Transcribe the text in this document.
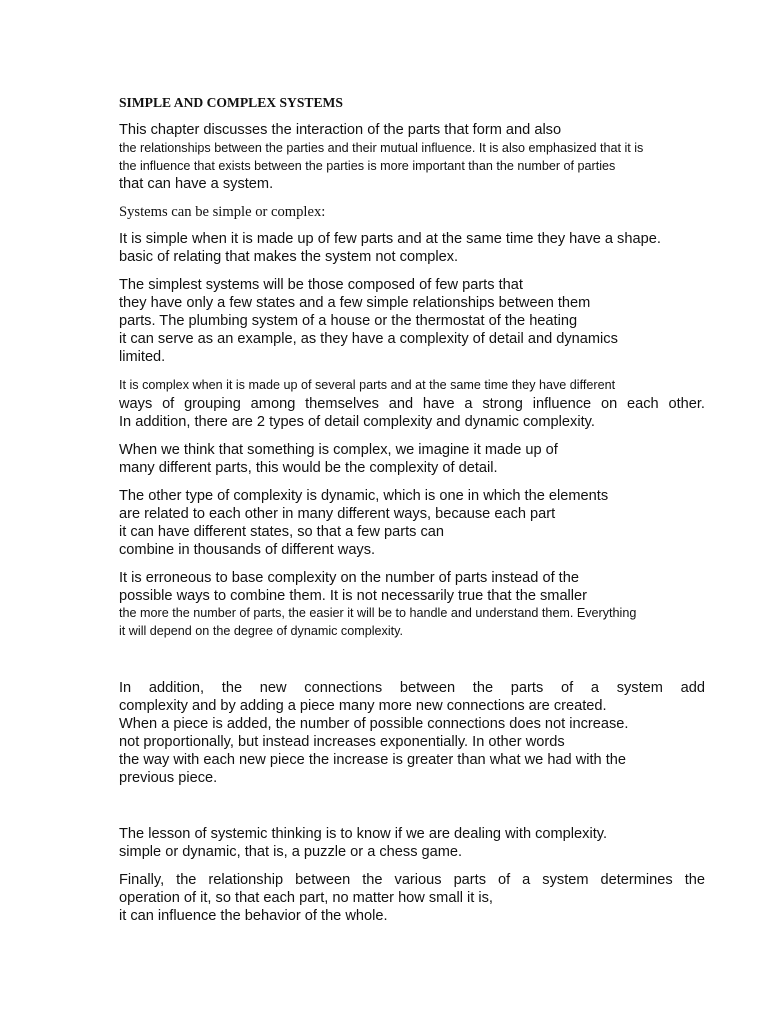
SIMPLE AND COMPLEX SYSTEMS

This chapter discusses the interaction of the parts that form and also

the relationships between the parties and their mutual influence. It is also emphasized that it is

the influence that exists between the parties is more important than the number of parties

that can have a system.

Systems can be simple or complex:

It is simple when it is made up of few parts and at the same time they have a shape.

basic of relating that makes the system not complex.

The simplest systems will be those composed of few parts that

they have only a few states and a few simple relationships between them

parts. The plumbing system of a house or the thermostat of the heating

it can serve as an example, as they have a complexity of detail and dynamics

limited.

It is complex when it is made up of several parts and at the same time they have different

ways of grouping among themselves and have a strong influence on each other.

In addition, there are 2 types of detail complexity and dynamic complexity.

When we think that something is complex, we imagine it made up of

many different parts, this would be the complexity of detail.

The other type of complexity is dynamic, which is one in which the elements

are related to each other in many different ways, because each part

it can have different states, so that a few parts can

combine in thousands of different ways.

It is erroneous to base complexity on the number of parts instead of the

possible ways to combine them. It is not necessarily true that the smaller

the more the number of parts, the easier it will be to handle and understand them. Everything

it will depend on the degree of dynamic complexity.

In addition, the new connections between the parts of a system add

complexity and by adding a piece many more new connections are created.

When a piece is added, the number of possible connections does not increase.

not proportionally, but instead increases exponentially. In other words

the way with each new piece the increase is greater than what we had with the

previous piece.

The lesson of systemic thinking is to know if we are dealing with complexity.

simple or dynamic, that is, a puzzle or a chess game.

Finally, the relationship between the various parts of a system determines the

operation of it, so that each part, no matter how small it is,

it can influence the behavior of the whole.
